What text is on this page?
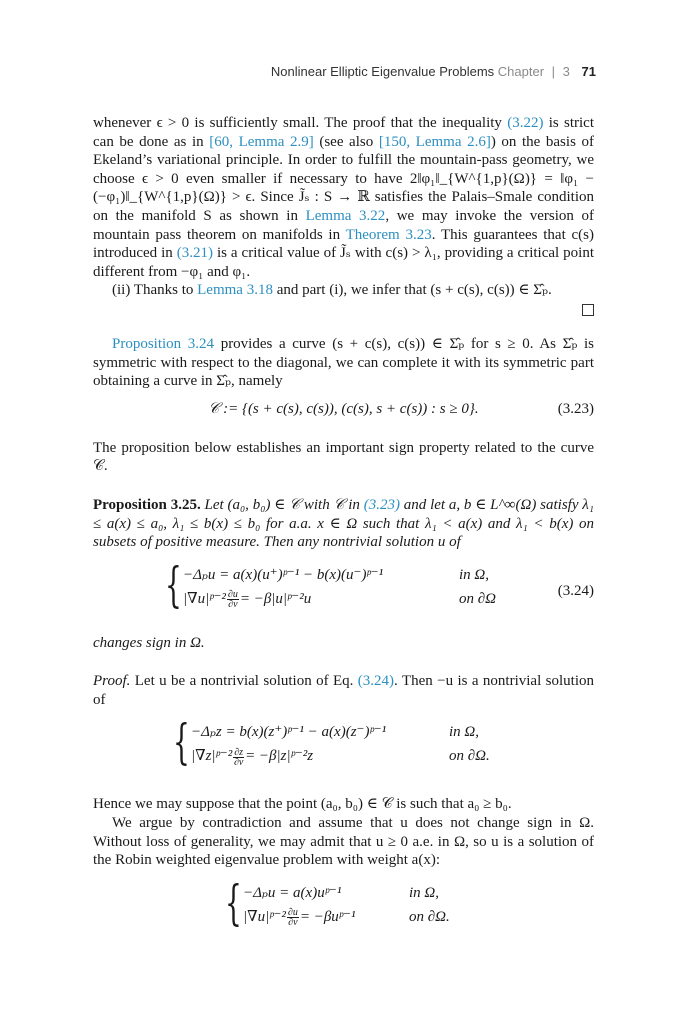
Nonlinear Elliptic Eigenvalue Problems Chapter | 3 71

whenever ϵ > 0 is sufficiently small. The proof that the inequality (3.22) is strict can be done as in [60, Lemma 2.9] (see also [150, Lemma 2.6]) on the basis of Ekeland’s variational principle. In order to fulfill the mountain-pass geometry, we choose ϵ > 0 even smaller if necessary to have 2‖φ₁‖_{W^{1,p}(Ω)} = ‖φ₁ − (−φ₁)‖_{W^{1,p}(Ω)} > ϵ. Since J̃ₛ : S → ℝ satisfies the Palais–Smale condition on the manifold S as shown in Lemma 3.22, we may invoke the version of mountain pass theorem on manifolds in Theorem 3.23. This guarantees that c(s) introduced in (3.21) is a critical value of J̃ₛ with c(s) > λ₁, providing a critical point different from −φ₁ and φ₁.

(ii) Thanks to Lemma 3.18 and part (i), we infer that (s + c(s), c(s)) ∈ Σ̂ₚ.

Proposition 3.24 provides a curve (s + c(s), c(s)) ∈ Σ̂ₚ for s ≥ 0. As Σ̂ₚ is symmetric with respect to the diagonal, we can complete it with its symmetric part obtaining a curve in Σ̂ₚ, namely

𝒞 := {(s + c(s), c(s)), (c(s), s + c(s)) : s ≥ 0}.	(3.23)

The proposition below establishes an important sign property related to the curve 𝒞.

Proposition 3.25. Let (a₀, b₀) ∈ 𝒞 with 𝒞 in (3.23) and let a, b ∈ L^∞(Ω) satisfy λ₁ ≤ a(x) ≤ a₀, λ₁ ≤ b(x) ≤ b₀ for a.a. x ∈ Ω such that λ₁ < a(x) and λ₁ < b(x) on subsets of positive measure. Then any nontrivial solution u of

{ −Δₚu = a(x)(u⁺)ᵖ⁻¹ − b(x)(u⁻)ᵖ⁻¹	in Ω,
|∇u|ᵖ⁻² $\frac{\partial u}{\partial\nu}$ = −β|u|ᵖ⁻²u	on ∂Ω	(3.24)

changes sign in Ω.

Proof. Let u be a nontrivial solution of Eq. (3.24). Then −u is a nontrivial solution of

{ −Δₚz = b(x)(z⁺)ᵖ⁻¹ − a(x)(z⁻)ᵖ⁻¹	in Ω,
|∇z|ᵖ⁻² $\frac{\partial z}{\partial\nu}$ = −β|z|ᵖ⁻²z	on ∂Ω.

Hence we may suppose that the point (a₀, b₀) ∈ 𝒞 is such that a₀ ≥ b₀.

We argue by contradiction and assume that u does not change sign in Ω. Without loss of generality, we may admit that u ≥ 0 a.e. in Ω, so u is a solution of the Robin weighted eigenvalue problem with weight a(x):

{ −Δₚu = a(x)uᵖ⁻¹	in Ω,
|∇u|ᵖ⁻² $\frac{\partial u}{\partial\nu}$ = −βuᵖ⁻¹	on ∂Ω.
